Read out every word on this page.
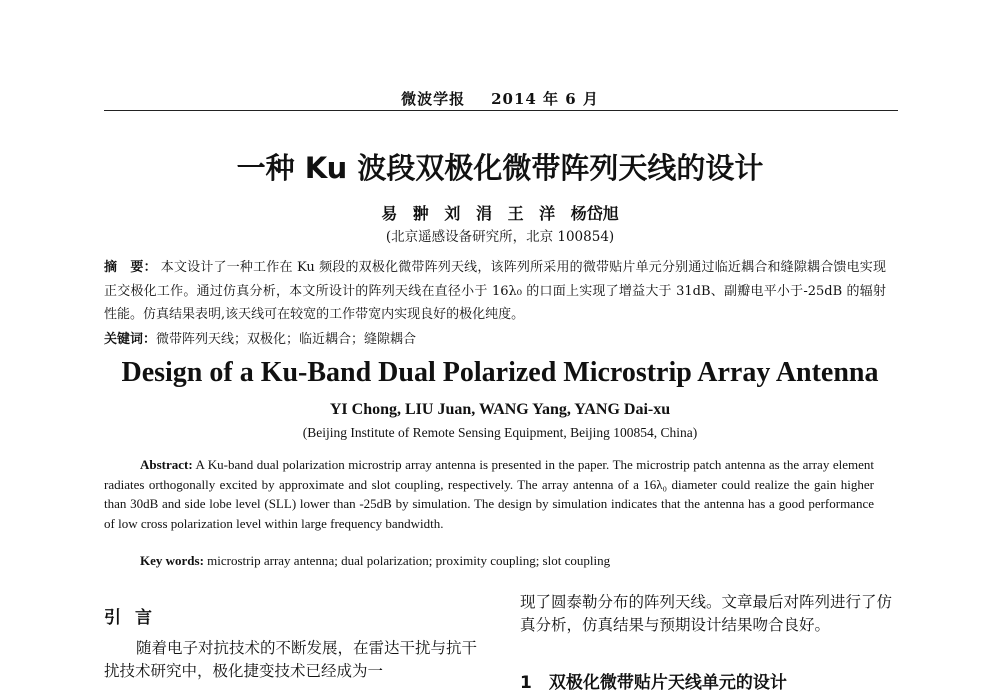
微波学报 2014 年 6 月
一种 Ku 波段双极化微带阵列天线的设计
易 翀 刘 涓 王 洋 杨岱旭
(北京遥感设备研究所，北京 100854)
摘　要： 本文设计了一种工作在 Ku 频段的双极化微带阵列天线，该阵列所采用的微带贴片单元分别通过临近耦合和缝隙耦合馈电实现正交极化工作。通过仿真分析，本文所设计的阵列天线在直径小于 16λ₀ 的口面上实现了增益大于 31dB、副瓣电平小于-25dB 的辐射性能。仿真结果表明,该天线可在较宽的工作带宽内实现良好的极化纯度。
关键词：微带阵列天线；双极化；临近耦合；缝隙耦合
Design of a Ku-Band Dual Polarized Microstrip Array Antenna
YI Chong, LIU Juan, WANG Yang, YANG Dai-xu
(Beijing Institute of Remote Sensing Equipment, Beijing 100854, China)
Abstract: A Ku-band dual polarization microstrip array antenna is presented in the paper. The microstrip patch antenna as the array element radiates orthogonally excited by approximate and slot coupling, respectively. The array antenna of a 16λ₀ diameter could realize the gain higher than 30dB and side lobe level (SLL) lower than -25dB by simulation. The design by simulation indicates that the antenna has a good performance of low cross polarization level within large frequency bandwidth.
Key words: microstrip array antenna; dual polarization; proximity coupling; slot coupling
引言
随着电子对抗技术的不断发展，在雷达干扰与抗干扰技术研究中，极化捷变技术已经成为一
现了圆泰勒分布的阵列天线。文章最后对阵列进行了仿真分析，仿真结果与预期设计结果吻合良好。
1　双极化微带贴片天线单元的设计
